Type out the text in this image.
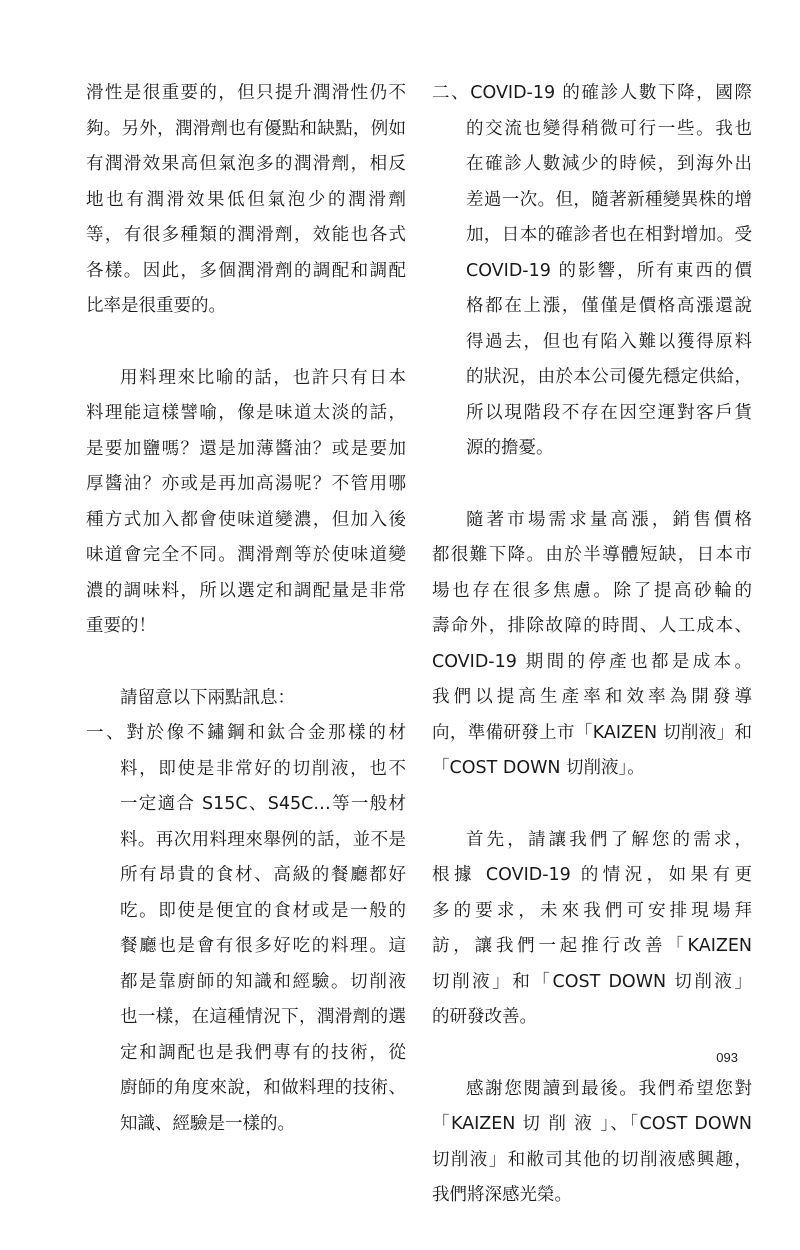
滑性是很重要的，但只提升潤滑性仍不
夠。另外，潤滑劑也有優點和缺點，例如
有潤滑效果高但氣泡多的潤滑劑，相反
地也有潤滑效果低但氣泡少的潤滑劑
等，有很多種類的潤滑劑，效能也各式
各樣。因此，多個潤滑劑的調配和調配
比率是很重要的。
用料理來比喻的話，也許只有日本
料理能這樣譬喻，像是味道太淡的話，
是要加鹽嗎？還是加薄醬油？或是要加
厚醬油？亦或是再加高湯呢？不管用哪
種方式加入都會使味道變濃，但加入後
味道會完全不同。潤滑劑等於使味道變
濃的調味料，所以選定和調配量是非常
重要的！
請留意以下兩點訊息：
一、對於像不鏽鋼和鈦合金那樣的材
料，即使是非常好的切削液，也不
一定適合 S15C、S45C…等一般材
料。再次用料理來舉例的話，並不是
所有昂貴的食材、高級的餐廳都好
吃。即使是便宜的食材或是一般的
餐廳也是會有很多好吃的料理。這
都是靠廚師的知識和經驗。切削液
也一樣，在這種情況下，潤滑劑的選
定和調配也是我們專有的技術，從
廚師的角度來說，和做料理的技術、
知識、經驗是一樣的。
二、COVID-19 的確診人數下降，國際
的交流也變得稍微可行一些。我也
在確診人數減少的時候，到海外出
差過一次。但，隨著新種變異株的增
加，日本的確診者也在相對增加。受
COVID-19 的影響，所有東西的價
格都在上漲，僅僅是價格高漲還說
得過去，但也有陷入難以獲得原料
的狀況，由於本公司優先穩定供給，
所以現階段不存在因空運對客戶貨
源的擔憂。
隨著市場需求量高漲，銷售價格
都很難下降。由於半導體短缺，日本市
場也存在很多焦慮。除了提高砂輪的
壽命外，排除故障的時間、人工成本、
COVID-19 期間的停產也都是成本。
我們以提高生產率和效率為開發導
向，準備研發上市「KAIZEN 切削液」和
「COST DOWN 切削液」。
首先，請讓我們了解您的需求，
根據 COVID-19 的情況，如果有更
多的要求，未來我們可安排現場拜
訪，讓我們一起推行改善「KAIZEN
切削液」和「COST DOWN 切削液」
的研發改善。
感謝您閱讀到最後。我們希望您對
「KAIZEN 切 削 液 」、「COST DOWN
切削液」和敝司其他的切削液感興趣，
我們將深感光榮。
093
